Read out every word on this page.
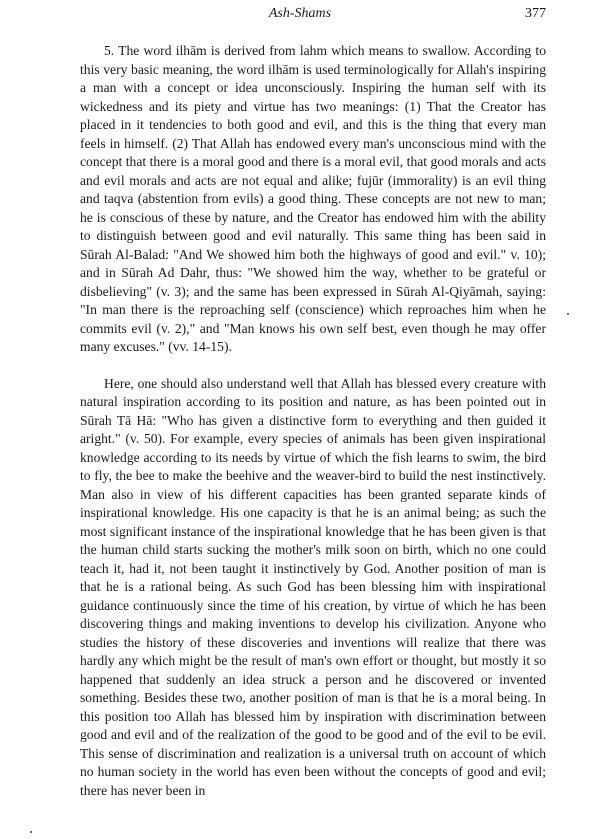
Ash-Shams	377

5. The word ilhām is derived from lahm which means to swallow. According to this very basic meaning, the word ilhām is used terminologically for Allah's inspiring a man with a concept or idea unconsciously. Inspiring the human self with its wickedness and its piety and virtue has two meanings: (1) That the Creator has placed in it tendencies to both good and evil, and this is the thing that every man feels in himself. (2) That Allah has endowed every man's unconscious mind with the concept that there is a moral good and there is a moral evil, that good morals and acts and evil morals and acts are not equal and alike; fujūr (immorality) is an evil thing and taqva (abstention from evils) a good thing. These concepts are not new to man; he is conscious of these by nature, and the Creator has endowed him with the ability to distinguish between good and evil naturally. This same thing has been said in Sūrah Al-Balad: "And We showed him both the highways of good and evil." v. 10); and in Sūrah Ad Dahr, thus: "We showed him the way, whether to be grateful or disbelieving" (v. 3); and the same has been expressed in Sūrah Al-Qiyāmah, saying: "In man there is the reproaching self (conscience) which reproaches him when he commits evil (v. 2)," and "Man knows his own self best, even though he may offer many excuses." (vv. 14-15).

Here, one should also understand well that Allah has blessed every creature with natural inspiration according to its position and nature, as has been pointed out in Sūrah Tā Hā: "Who has given a distinctive form to everything and then guided it aright." (v. 50). For example, every species of animals has been given inspirational knowledge according to its needs by virtue of which the fish learns to swim, the bird to fly, the bee to make the beehive and the weaver-bird to build the nest instinctively. Man also in view of his different capacities has been granted separate kinds of inspirational knowledge. His one capacity is that he is an animal being; as such the most significant instance of the inspirational knowledge that he has been given is that the human child starts sucking the mother's milk soon on birth, which no one could teach it, had it, not been taught it instinctively by God. Another position of man is that he is a rational being. As such God has been blessing him with inspirational guidance continuously since the time of his creation, by virtue of which he has been discovering things and making inventions to develop his civilization. Anyone who studies the history of these discoveries and inventions will realize that there was hardly any which might be the result of man's own effort or thought, but mostly it so happened that suddenly an idea struck a person and he discovered or invented something. Besides these two, another position of man is that he is a moral being. In this position too Allah has blessed him by inspiration with discrimination between good and evil and of the realization of the good to be good and of the evil to be evil. This sense of discrimination and realization is a universal truth on account of which no human society in the world has even been without the concepts of good and evil; there has never been in
